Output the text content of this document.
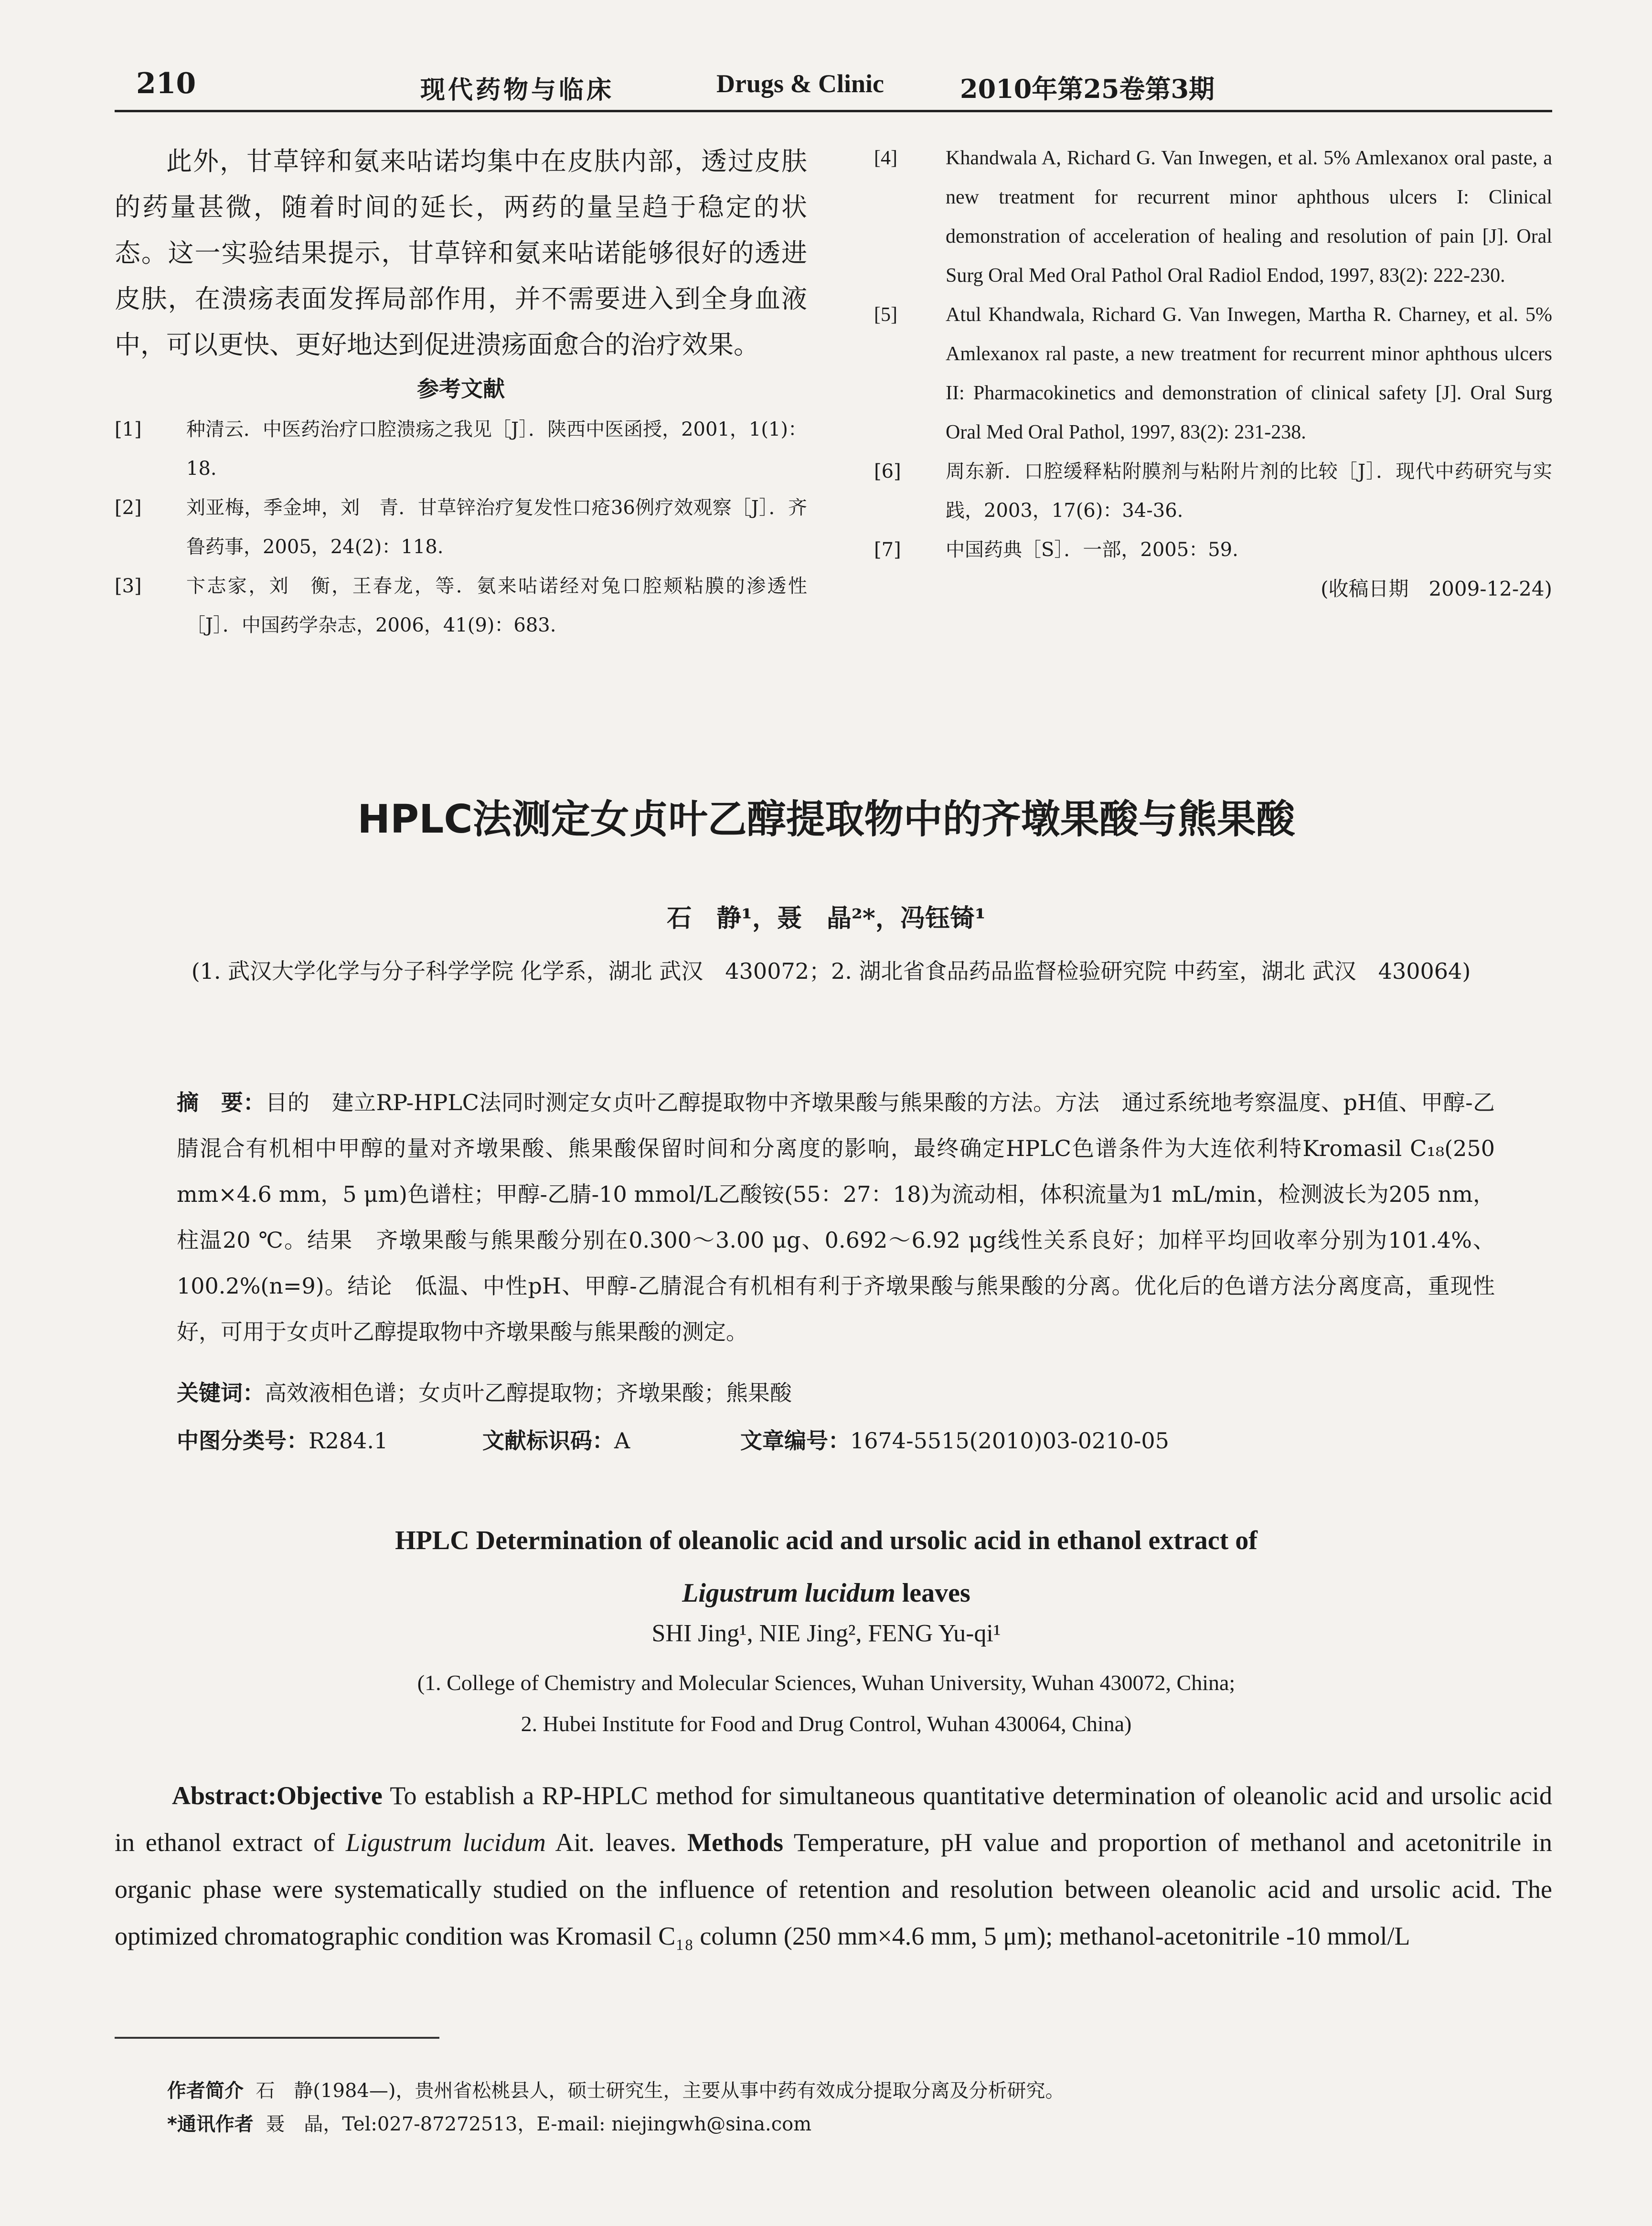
210	现代药物与临床	Drugs & Clinic	2010年第25卷第3期

此外，甘草锌和氨来呫诺均集中在皮肤内部，透过皮肤的药量甚微，随着时间的延长，两药的量呈趋于稳定的状态。这一实验结果提示，甘草锌和氨来呫诺能够很好的透进皮肤，在溃疡表面发挥局部作用，并不需要进入到全身血液中，可以更快、更好地达到促进溃疡面愈合的治疗效果。

参考文献
[1]	种清云．中医药治疗口腔溃疡之我见［J］．陕西中医函授，2001，1(1)：18.
[2]	刘亚梅，季金坤，刘　青．甘草锌治疗复发性口疮36例疗效观察［J］．齐鲁药事，2005，24(2)：118.
[3]	卞志家，刘　衡，王春龙，等．氨来呫诺经对兔口腔颊粘膜的渗透性［J］．中国药学杂志，2006，41(9)：683.
[4]	Khandwala A, Richard G. Van Inwegen, et al. 5% Amlexanox oral paste, a new treatment for recurrent minor aphthous ulcers I: Clinical demonstration of acceleration of healing and resolution of pain [J]. Oral Surg Oral Med Oral Pathol Oral Radiol Endod, 1997, 83(2): 222-230.
[5]	Atul Khandwala, Richard G. Van Inwegen, Martha R. Charney, et al. 5% Amlexanox ral paste, a new treatment for recurrent minor aphthous ulcers II: Pharmacokinetics and demonstration of clinical safety [J]. Oral Surg Oral Med Oral Pathol, 1997, 83(2): 231-238.
[6]	周东新．口腔缓释粘附膜剂与粘附片剂的比较［J］．现代中药研究与实践，2003，17(6)：34-36.
[7]	中国药典［S］．一部，2005：59.
(收稿日期　2009-12-24)
HPLC法测定女贞叶乙醇提取物中的齐墩果酸与熊果酸
石　静¹，聂　晶²*，冯钰锜¹
(1. 武汉大学化学与分子科学学院 化学系，湖北 武汉　430072；2. 湖北省食品药品监督检验研究院 中药室，湖北 武汉　430064)
摘　要：目的　建立RP-HPLC法同时测定女贞叶乙醇提取物中齐墩果酸与熊果酸的方法。方法　通过系统地考察温度、pH值、甲醇-乙腈混合有机相中甲醇的量对齐墩果酸、熊果酸保留时间和分离度的影响，最终确定HPLC色谱条件为大连依利特Kromasil C₁₈(250 mm×4.6 mm，5 μm)色谱柱；甲醇-乙腈-10 mmol/L乙酸铵(55：27：18)为流动相，体积流量为1 mL/min，检测波长为205 nm，柱温20 ℃。结果　齐墩果酸与熊果酸分别在0.300～3.00 μg、0.692～6.92 μg线性关系良好；加样平均回收率分别为101.4%、100.2%(n=9)。结论　低温、中性pH、甲醇-乙腈混合有机相有利于齐墩果酸与熊果酸的分离。优化后的色谱方法分离度高，重现性好，可用于女贞叶乙醇提取物中齐墩果酸与熊果酸的测定。
关键词：高效液相色谱；女贞叶乙醇提取物；齐墩果酸；熊果酸
中图分类号：R284.1	文献标识码：A	文章编号：1674-5515(2010)03-0210-05
HPLC Determination of oleanolic acid and ursolic acid in ethanol extract of
Ligustrum lucidum leaves
SHI Jing¹, NIE Jing², FENG Yu-qi¹
(1. College of Chemistry and Molecular Sciences, Wuhan University, Wuhan 430072, China;
2. Hubei Institute for Food and Drug Control, Wuhan 430064, China)
Abstract:Objective To establish a RP-HPLC method for simultaneous quantitative determination of oleanolic acid and ursolic acid in ethanol extract of Ligustrum lucidum Ait. leaves. Methods Temperature, pH value and proportion of methanol and acetonitrile in organic phase were systematically studied on the influence of retention and resolution between oleanolic acid and ursolic acid. The optimized chromatographic condition was Kromasil C₁₈ column (250 mm×4.6 mm, 5 μm); methanol-acetonitrile -10 mmol/L
作者简介 石　静(1984—)，贵州省松桃县人，硕士研究生，主要从事中药有效成分提取分离及分析研究。
*通讯作者 聂　晶，Tel:027-87272513，E-mail: niejingwh@sina.com
